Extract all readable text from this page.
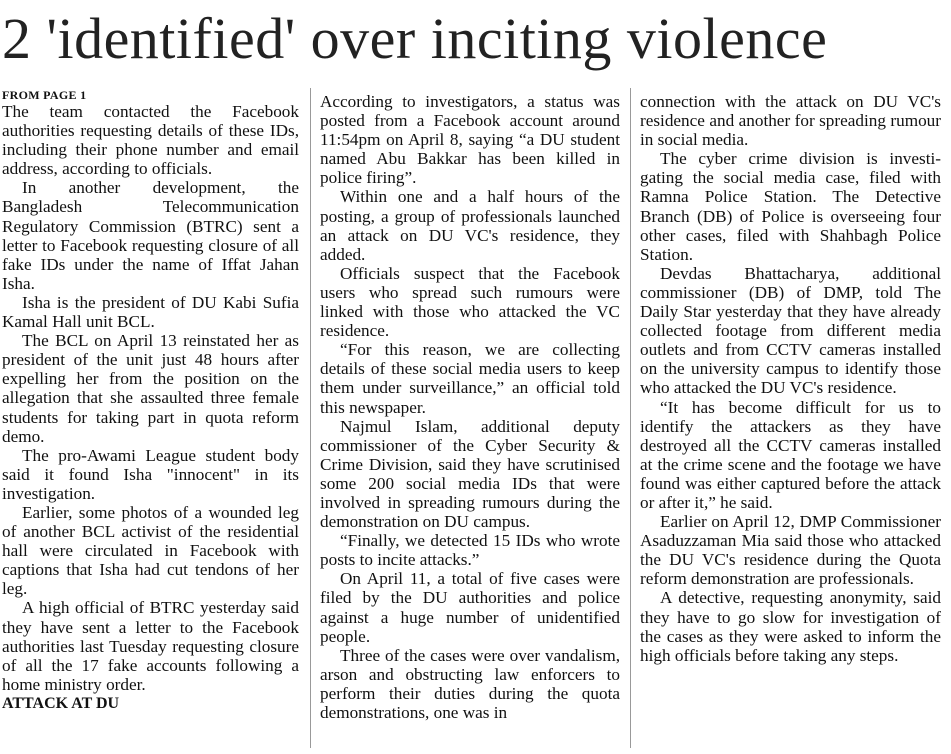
2 'identified' over inciting violence
FROM PAGE 1

The team contacted the Facebook authorities requesting details of these IDs, including their phone number and email address, according to officials.

In another development, the Bangladesh Telecommunication Regulatory Commission (BTRC) sent a letter to Facebook requesting closure of all fake IDs under the name of Iffat Jahan Isha.

Isha is the president of DU Kabi Sufia Kamal Hall unit BCL.

The BCL on April 13 reinstated her as president of the unit just 48 hours after expelling her from the position on the allegation that she assaulted three female students for taking part in quota reform demo.

The pro-Awami League student body said it found Isha "innocent" in its investigation.

Earlier, some photos of a wounded leg of another BCL activist of the residential hall were circulated in Facebook with captions that Isha had cut tendons of her leg.

A high official of BTRC yesterday said they have sent a letter to the Facebook authorities last Tuesday requesting closure of all the 17 fake accounts following a home ministry order.

ATTACK AT DU

According to investigators, a status was posted from a Facebook account around 11:54pm on April 8, saying “a DU student named Abu Bakkar has been killed in police firing”.

Within one and a half hours of the posting, a group of professionals launched an attack on DU VC's residence, they added.

Officials suspect that the Facebook users who spread such rumours were linked with those who attacked the VC residence.

“For this reason, we are collecting details of these social media users to keep them under surveillance,” an official told this newspaper.

Najmul Islam, additional deputy commissioner of the Cyber Security & Crime Division, said they have scrutinised some 200 social media IDs that were involved in spreading rumours during the demonstration on DU campus.

“Finally, we detected 15 IDs who wrote posts to incite attacks.”

On April 11, a total of five cases were filed by the DU authorities and police against a huge number of unidentified people.

Three of the cases were over vandalism, arson and obstructing law enforcers to perform their duties during the quota demonstrations, one was in

connection with the attack on DU VC's residence and another for spreading rumour in social media.

The cyber crime division is investigating the social media case, filed with Ramna Police Station. The Detective Branch (DB) of Police is overseeing four other cases, filed with Shahbagh Police Station.

Devdas Bhattacharya, additional commissioner (DB) of DMP, told The Daily Star yesterday that they have already collected footage from different media outlets and from CCTV cameras installed on the university campus to identify those who attacked the DU VC's residence.

“It has become difficult for us to identify the attackers as they have destroyed all the CCTV cameras installed at the crime scene and the footage we have found was either captured before the attack or after it,” he said.

Earlier on April 12, DMP Commissioner Asaduzzaman Mia said those who attacked the DU VC's residence during the Quota reform demonstration are professionals.

A detective, requesting anonymity, said they have to go slow for investigation of the cases as they were asked to inform the high officials before taking any steps.
